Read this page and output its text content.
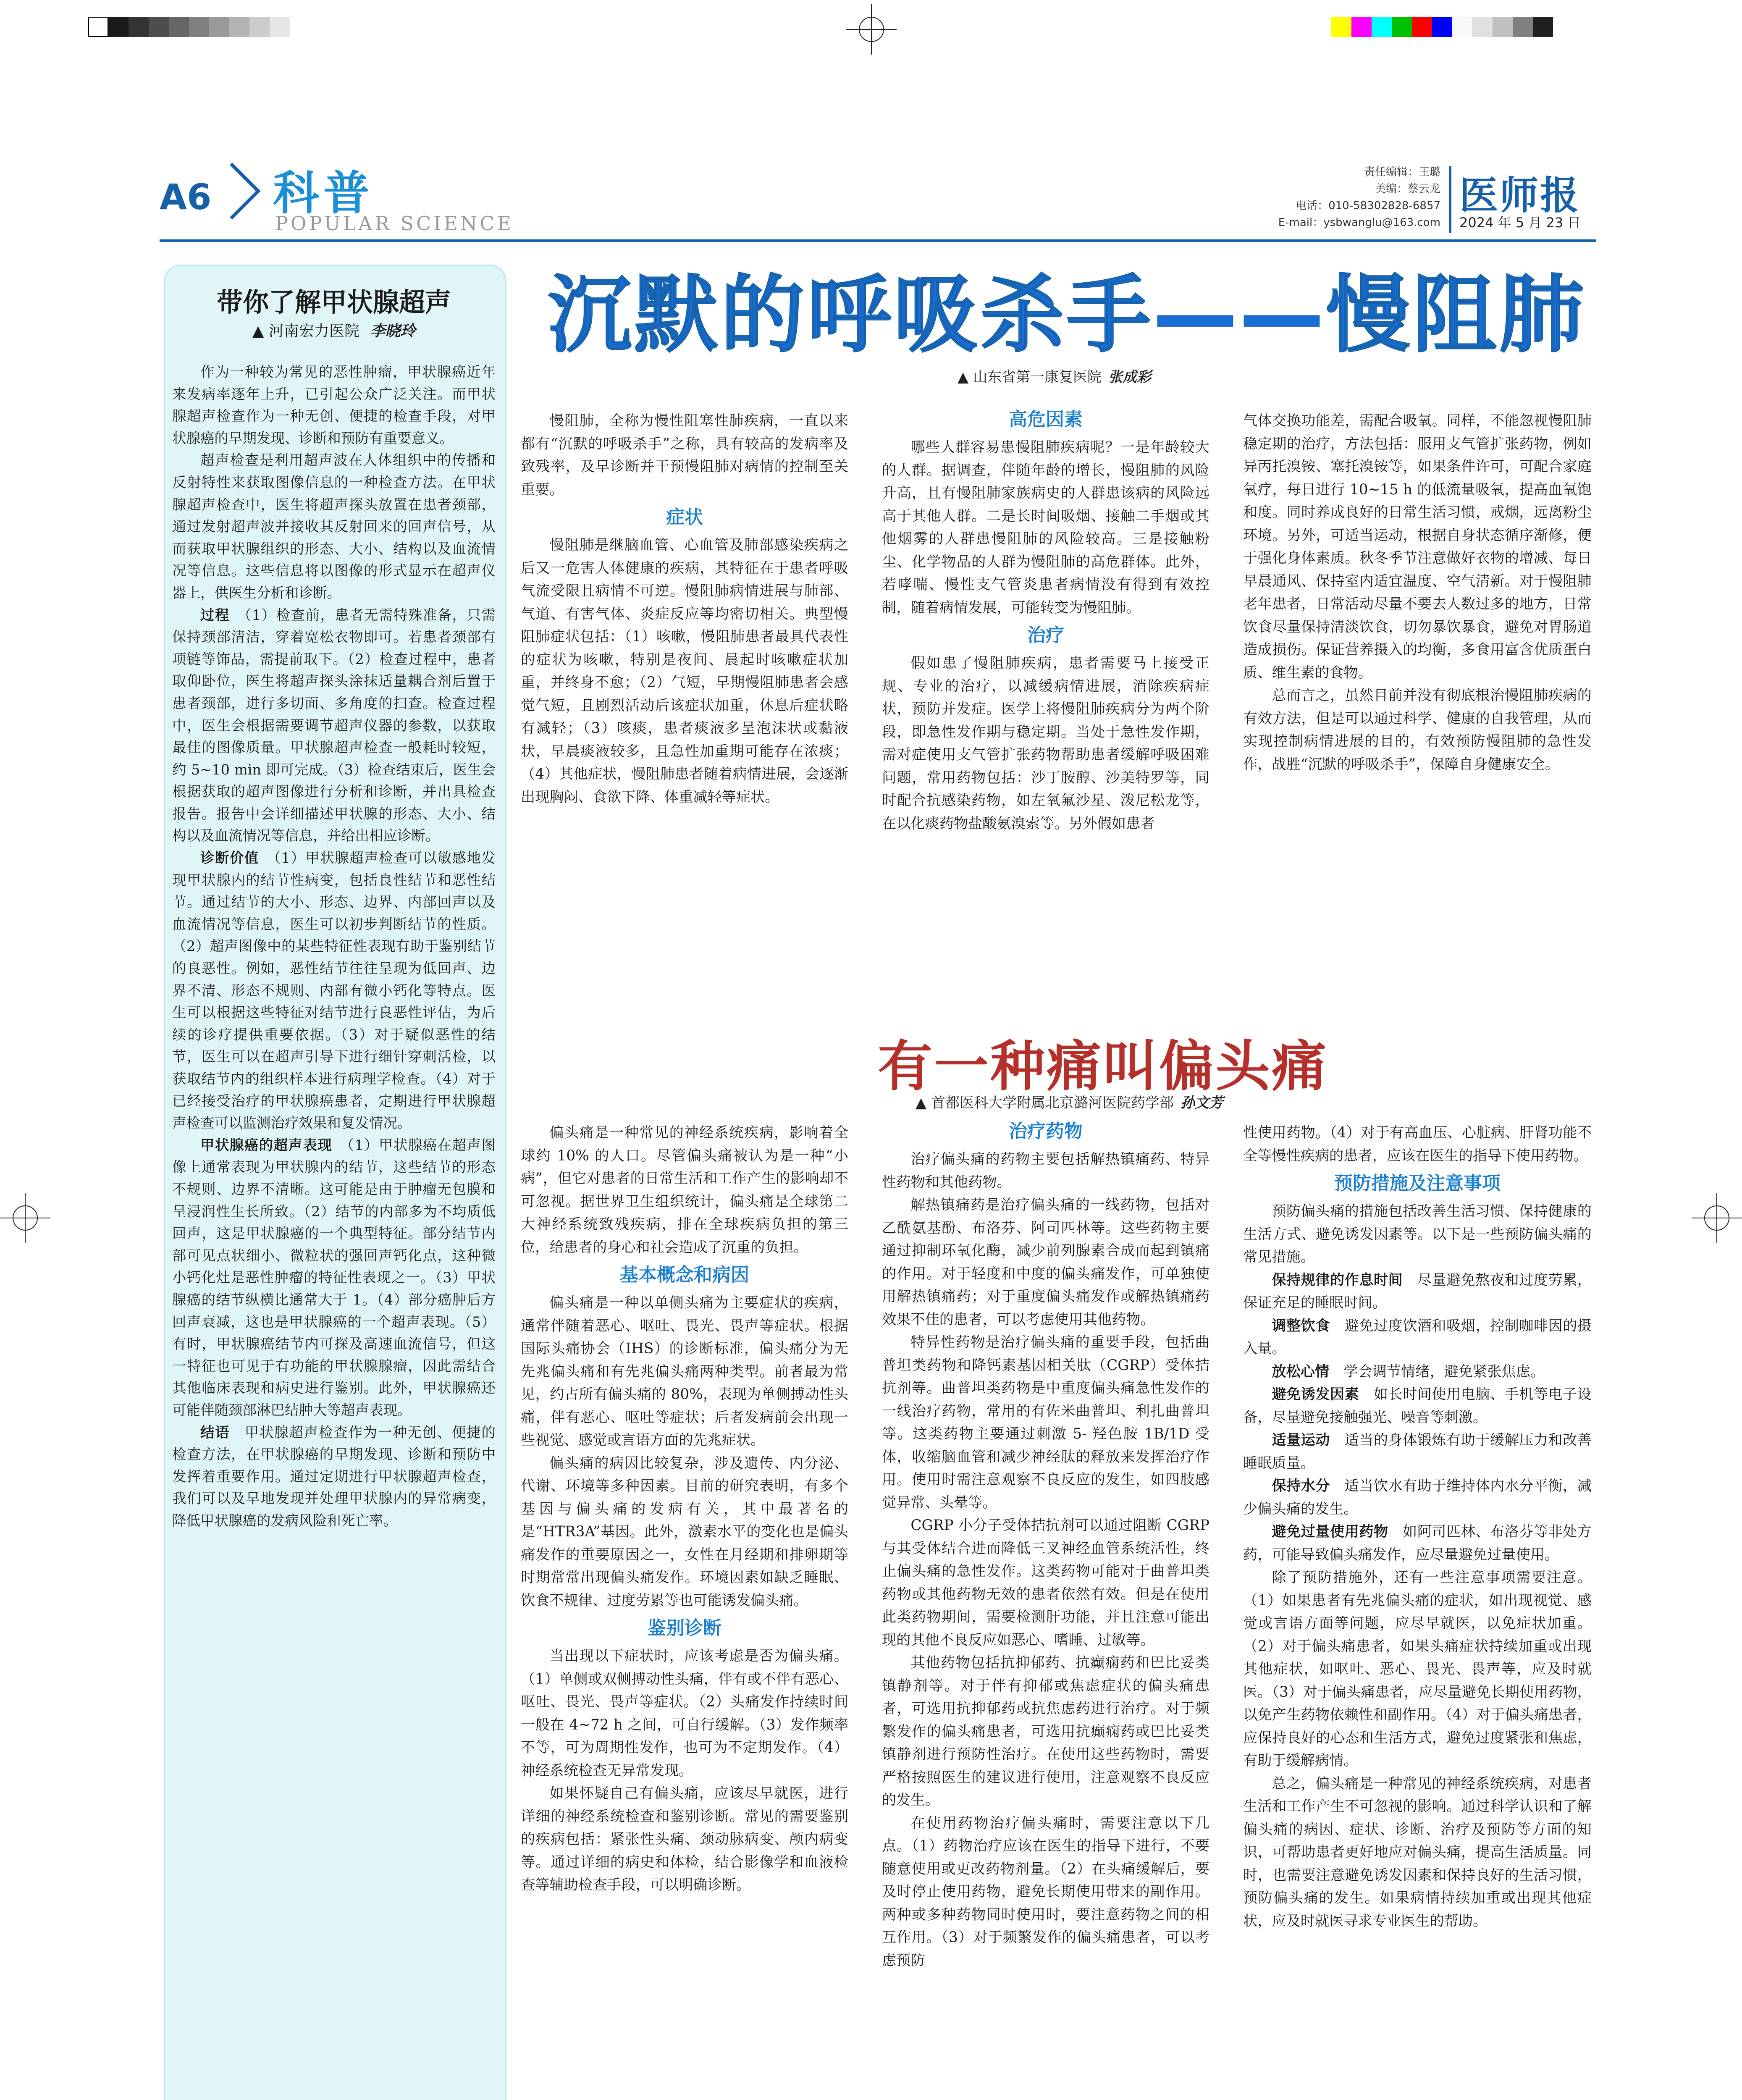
A6 科普
POPULAR SCIENCE
责任编辑：王璐
美编：蔡云龙
电话：010-58302828-6857
E-mail：ysbwanglu@163.com
医师报
2024 年 5 月 23 日
带你了解甲状腺超声
▲ 河南宏力医院 李晓玲

作为一种较为常见的恶性肿瘤，甲状腺癌近年来发病率逐年上升，已引起公众广泛关注。而甲状腺超声检查作为一种无创、便捷的检查手段，对甲状腺癌的早期发现、诊断和预防有重要意义。

超声检查是利用超声波在人体组织中的传播和反射特性来获取图像信息的一种检查方法。在甲状腺超声检查中，医生将超声探头放置在患者颈部，通过发射超声波并接收其反射回来的回声信号，从而获取甲状腺组织的形态、大小、结构以及血流情况等信息。这些信息将以图像的形式显示在超声仪器上，供医生分析和诊断。

过程　 （1）检查前，患者无需特殊准备，只需保持颈部清洁，穿着宽松衣物即可。若患者颈部有项链等饰品，需提前取下。（2）检查过程中，患者取仰卧位，医生将超声探头涂抹适量耦合剂后置于患者颈部，进行多切面、多角度的扫查。检查过程中，医生会根据需要调节超声仪器的参数，以获取最佳的图像质量。甲状腺超声检查一般耗时较短，约 5~10 min 即可完成。（3）检查结束后，医生会根据获取的超声图像进行分析和诊断，并出具检查报告。报告中会详细描述甲状腺的形态、大小、结构以及血流情况等信息，并给出相应诊断。

诊断价值　 （1）甲状腺超声检查可以敏感地发现甲状腺内的结节性病变，包括良性结节和恶性结节。通过结节的大小、形态、边界、内部回声以及血流情况等信息，医生可以初步判断结节的性质。（2）超声图像中的某些特征性表现有助于鉴别结节的良恶性。例如，恶性结节往往呈现为低回声、边界不清、形态不规则、内部有微小钙化等特点。医生可以根据这些特征对结节进行良恶性评估，为后续的诊疗提供重要依据。（3）对于疑似恶性的结节，医生可以在超声引导下进行细针穿刺活检，以获取结节内的组织样本进行病理学检查。（4）对于已经接受治疗的甲状腺癌患者，定期进行甲状腺超声检查可以监测治疗效果和复发情况。

甲状腺癌的超声表现　 （1）甲状腺癌在超声图像上通常表现为甲状腺内的结节，这些结节的形态不规则、边界不清晰。这可能是由于肿瘤无包膜和呈浸润性生长所致。（2）结节的内部多为不均质低回声，这是甲状腺癌的一个典型特征。部分结节内部可见点状细小、微粒状的强回声钙化点，这种微小钙化灶是恶性肿瘤的特征性表现之一。（3）甲状腺癌的结节纵横比通常大于 1。（4）部分癌肿后方回声衰减，这也是甲状腺癌的一个超声表现。（5）有时，甲状腺癌结节内可探及高速血流信号，但这一特征也可见于有功能的甲状腺腺瘤，因此需结合其他临床表现和病史进行鉴别。此外，甲状腺癌还可能伴随颈部淋巴结肿大等超声表现。

结语　 甲状腺超声检查作为一种无创、便捷的检查方法，在甲状腺癌的早期发现、诊断和预防中发挥着重要作用。通过定期进行甲状腺超声检查，我们可以及早地发现并处理甲状腺内的异常病变，降低甲状腺癌的发病风险和死亡率。

沉默的呼吸杀手——慢阻肺
▲ 山东省第一康复医院 张成彩

慢阻肺，全称为慢性阻塞性肺疾病，一直以来都有“沉默的呼吸杀手”之称，具有较高的发病率及致残率，及早诊断并干预慢阻肺对病情的控制至关重要。

症状

慢阻肺是继脑血管、心血管及肺部感染疾病之后又一危害人体健康的疾病，其特征在于患者呼吸气流受限且病情不可逆。慢阻肺病情进展与肺部、气道、有害气体、炎症反应等均密切相关。典型慢阻肺症状包括：（1）咳嗽，慢阻肺患者最具代表性的症状为咳嗽，特别是夜间、晨起时咳嗽症状加重，并终身不愈；（2）气短，早期慢阻肺患者会感觉气短，且剧烈活动后该症状加重，休息后症状略有减轻；（3）咳痰，患者痰液多呈泡沫状或黏液状，早晨痰液较多，且急性加重期可能存在浓痰；（4）其他症状，慢阻肺患者随着病情进展，会逐渐出现胸闷、食欲下降、体重减轻等症状。

高危因素

哪些人群容易患慢阻肺疾病呢？一是年龄较大的人群。据调查，伴随年龄的增长，慢阻肺的风险升高，且有慢阻肺家族病史的人群患该病的风险远高于其他人群。二是长时间吸烟、接触二手烟或其他烟雾的人群患慢阻肺的风险较高。三是接触粉尘、化学物品的人群为慢阻肺的高危群体。此外，若哮喘、慢性支气管炎患者病情没有得到有效控制，随着病情发展，可能转变为慢阻肺。

治疗

假如患了慢阻肺疾病，患者需要马上接受正规、专业的治疗，以减缓病情进展，消除疾病症状，预防并发症。医学上将慢阻肺疾病分为两个阶段，即急性发作期与稳定期。当处于急性发作期，需对症使用支气管扩张药物帮助患者缓解呼吸困难问题，常用药物包括：沙丁胺醇、沙美特罗等，同时配合抗感染药物，如左氧氟沙星、泼尼松龙等，在以化痰药物盐酸氨溴索等。另外假如患者

气体交换功能差，需配合吸氧。同样，不能忽视慢阻肺稳定期的治疗，方法包括：服用支气管扩张药物，例如异丙托溴铵、塞托溴铵等，如果条件许可，可配合家庭氧疗，每日进行 10~15 h 的低流量吸氧，提高血氧饱和度。同时养成良好的日常生活习惯，戒烟，远离粉尘环境。另外，可适当运动，根据自身状态循序渐修，便于强化身体素质。秋冬季节注意做好衣物的增减、每日早晨通风、保持室内适宜温度、空气清新。对于慢阻肺老年患者，日常活动尽量不要去人数过多的地方，日常饮食尽量保持清淡饮食，切勿暴饮暴食，避免对胃肠道造成损伤。保证营养摄入的均衡，多食用富含优质蛋白质、维生素的食物。

总而言之，虽然目前并没有彻底根治慢阻肺疾病的有效方法，但是可以通过科学、健康的自我管理，从而实现控制病情进展的目的，有效预防慢阻肺的急性发作，战胜“沉默的呼吸杀手”，保障自身健康安全。

有一种痛叫偏头痛
▲ 首都医科大学附属北京潞河医院药学部 孙文芳

偏头痛是一种常见的神经系统疾病，影响着全球约 10% 的人口。尽管偏头痛被认为是一种“小病”，但它对患者的日常生活和工作产生的影响却不可忽视。据世界卫生组织统计，偏头痛是全球第二大神经系统致残疾病，排在全球疾病负担的第三位，给患者的身心和社会造成了沉重的负担。

基本概念和病因

偏头痛是一种以单侧头痛为主要症状的疾病，通常伴随着恶心、呕吐、畏光、畏声等症状。根据国际头痛协会（IHS）的诊断标准，偏头痛分为无先兆偏头痛和有先兆偏头痛两种类型。前者最为常见，约占所有偏头痛的 80%，表现为单侧搏动性头痛，伴有恶心、呕吐等症状；后者发病前会出现一些视觉、感觉或言语方面的先兆症状。

偏头痛的病因比较复杂，涉及遗传、内分泌、代谢、环境等多种因素。目前的研究表明，有多个基因与偏头痛的发病有关，其中最著名的是“HTR3A”基因。此外，激素水平的变化也是偏头痛发作的重要原因之一，女性在月经期和排卵期等时期常常出现偏头痛发作。环境因素如缺乏睡眠、饮食不规律、过度劳累等也可能诱发偏头痛。

鉴别诊断

当出现以下症状时，应该考虑是否为偏头痛。（1）单侧或双侧搏动性头痛，伴有或不伴有恶心、呕吐、畏光、畏声等症状。（2）头痛发作持续时间一般在 4~72 h 之间，可自行缓解。（3）发作频率不等，可为周期性发作，也可为不定期发作。（4）神经系统检查无异常发现。

如果怀疑自己有偏头痛，应该尽早就医，进行详细的神经系统检查和鉴别诊断。常见的需要鉴别的疾病包括：紧张性头痛、颈动脉病变、颅内病变等。通过详细的病史和体检，结合影像学和血液检查等辅助检查手段，可以明确诊断。

治疗药物

治疗偏头痛的药物主要包括解热镇痛药、特异性药物和其他药物。

解热镇痛药是治疗偏头痛的一线药物，包括对乙酰氨基酚、布洛芬、阿司匹林等。这些药物主要通过抑制环氧化酶，减少前列腺素合成而起到镇痛的作用。对于轻度和中度的偏头痛发作，可单独使用解热镇痛药；对于重度偏头痛发作或解热镇痛药效果不佳的患者，可以考虑使用其他药物。

特异性药物是治疗偏头痛的重要手段，包括曲普坦类药物和降钙素基因相关肽（CGRP）受体拮抗剂等。曲普坦类药物是中重度偏头痛急性发作的一线治疗药物，常用的有佐米曲普坦、利扎曲普坦等。这类药物主要通过刺激 5- 羟色胺 1B/1D 受体，收缩脑血管和减少神经肽的释放来发挥治疗作用。使用时需注意观察不良反应的发生，如四肢感觉异常、头晕等。

CGRP 小分子受体拮抗剂可以通过阻断 CGRP 与其受体结合进而降低三叉神经血管系统活性，终止偏头痛的急性发作。这类药物可能对于曲普坦类药物或其他药物无效的患者依然有效。但是在使用此类药物期间，需要检测肝功能，并且注意可能出现的其他不良反应如恶心、嗜睡、过敏等。

其他药物包括抗抑郁药、抗癫痫药和巴比妥类镇静剂等。对于伴有抑郁或焦虑症状的偏头痛患者，可选用抗抑郁药或抗焦虑药进行治疗。对于频繁发作的偏头痛患者，可选用抗癫痫药或巴比妥类镇静剂进行预防性治疗。在使用这些药物时，需要严格按照医生的建议进行使用，注意观察不良反应的发生。

在使用药物治疗偏头痛时，需要注意以下几点。（1）药物治疗应该在医生的指导下进行，不要随意使用或更改药物剂量。（2）在头痛缓解后，要及时停止使用药物，避免长期使用带来的副作用。两种或多种药物同时使用时，要注意药物之间的相互作用。（3）对于频繁发作的偏头痛患者，可以考虑预防

性使用药物。（4）对于有高血压、心脏病、肝肾功能不全等慢性疾病的患者，应该在医生的指导下使用药物。

预防措施及注意事项

预防偏头痛的措施包括改善生活习惯、保持健康的生活方式、避免诱发因素等。以下是一些预防偏头痛的常见措施。

保持规律的作息时间　 尽量避免熬夜和过度劳累，保证充足的睡眠时间。

调整饮食　 避免过度饮酒和吸烟，控制咖啡因的摄入量。

放松心情　 学会调节情绪，避免紧张焦虑。

避免诱发因素　 如长时间使用电脑、手机等电子设备，尽量避免接触强光、噪音等刺激。

适量运动　 适当的身体锻炼有助于缓解压力和改善睡眠质量。

保持水分　 适当饮水有助于维持体内水分平衡，减少偏头痛的发生。

避免过量使用药物　 如阿司匹林、布洛芬等非处方药，可能导致偏头痛发作，应尽量避免过量使用。

除了预防措施外，还有一些注意事项需要注意。（1）如果患者有先兆偏头痛的症状，如出现视觉、感觉或言语方面等问题，应尽早就医，以免症状加重。（2）对于偏头痛患者，如果头痛症状持续加重或出现其他症状，如呕吐、恶心、畏光、畏声等，应及时就医。（3）对于偏头痛患者，应尽量避免长期使用药物，以免产生药物依赖性和副作用。（4）对于偏头痛患者，应保持良好的心态和生活方式，避免过度紧张和焦虑，有助于缓解病情。

总之，偏头痛是一种常见的神经系统疾病，对患者生活和工作产生不可忽视的影响。通过科学认识和了解偏头痛的病因、症状、诊断、治疗及预防等方面的知识，可帮助患者更好地应对偏头痛，提高生活质量。同时，也需要注意避免诱发因素和保持良好的生活习惯，预防偏头痛的发生。如果病情持续加重或出现其他症状，应及时就医寻求专业医生的帮助。
